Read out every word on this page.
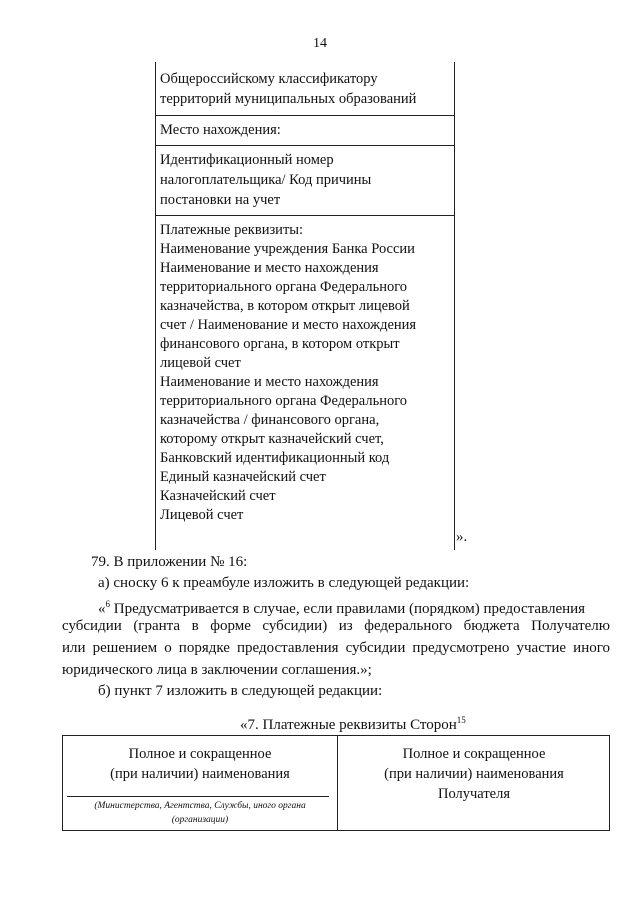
14
Общероссийскому классификатору
территорий муниципальных образований
Место нахождения:
Идентификационный номер
налогоплательщика/ Код причины
постановки на учет
Платежные реквизиты:
Наименование учреждения Банка России
Наименование и место нахождения
территориального органа Федерального
казначейства, в котором открыт лицевой
счет / Наименование и место нахождения
финансового органа, в котором открыт
лицевой счет
Наименование и место нахождения
территориального органа Федерального
казначейства / финансового органа,
которому открыт казначейский счет,
Банковский идентификационный код
Единый казначейский счет
Казначейский счет
Лицевой счет
».
79. В приложении № 16:
а) сноску 6 к преамбуле изложить в следующей редакции:
«$^6$ Предусматривается в случае, если правилами (порядком) предоставления
субсидии (гранта в форме субсидии) из федерального бюджета Получателю
или решением о порядке предоставления субсидии предусмотрено участие иного
юридического лица в заключении соглашения.»;
б) пункт 7 изложить в следующей редакции:
«7. Платежные реквизиты Сторон$^{15}$
Полное и сокращенное
(при наличии) наименования
(Министерства, Агентства, Службы, иного органа
(организации)
Полное и сокращенное
(при наличии) наименования
Получателя
